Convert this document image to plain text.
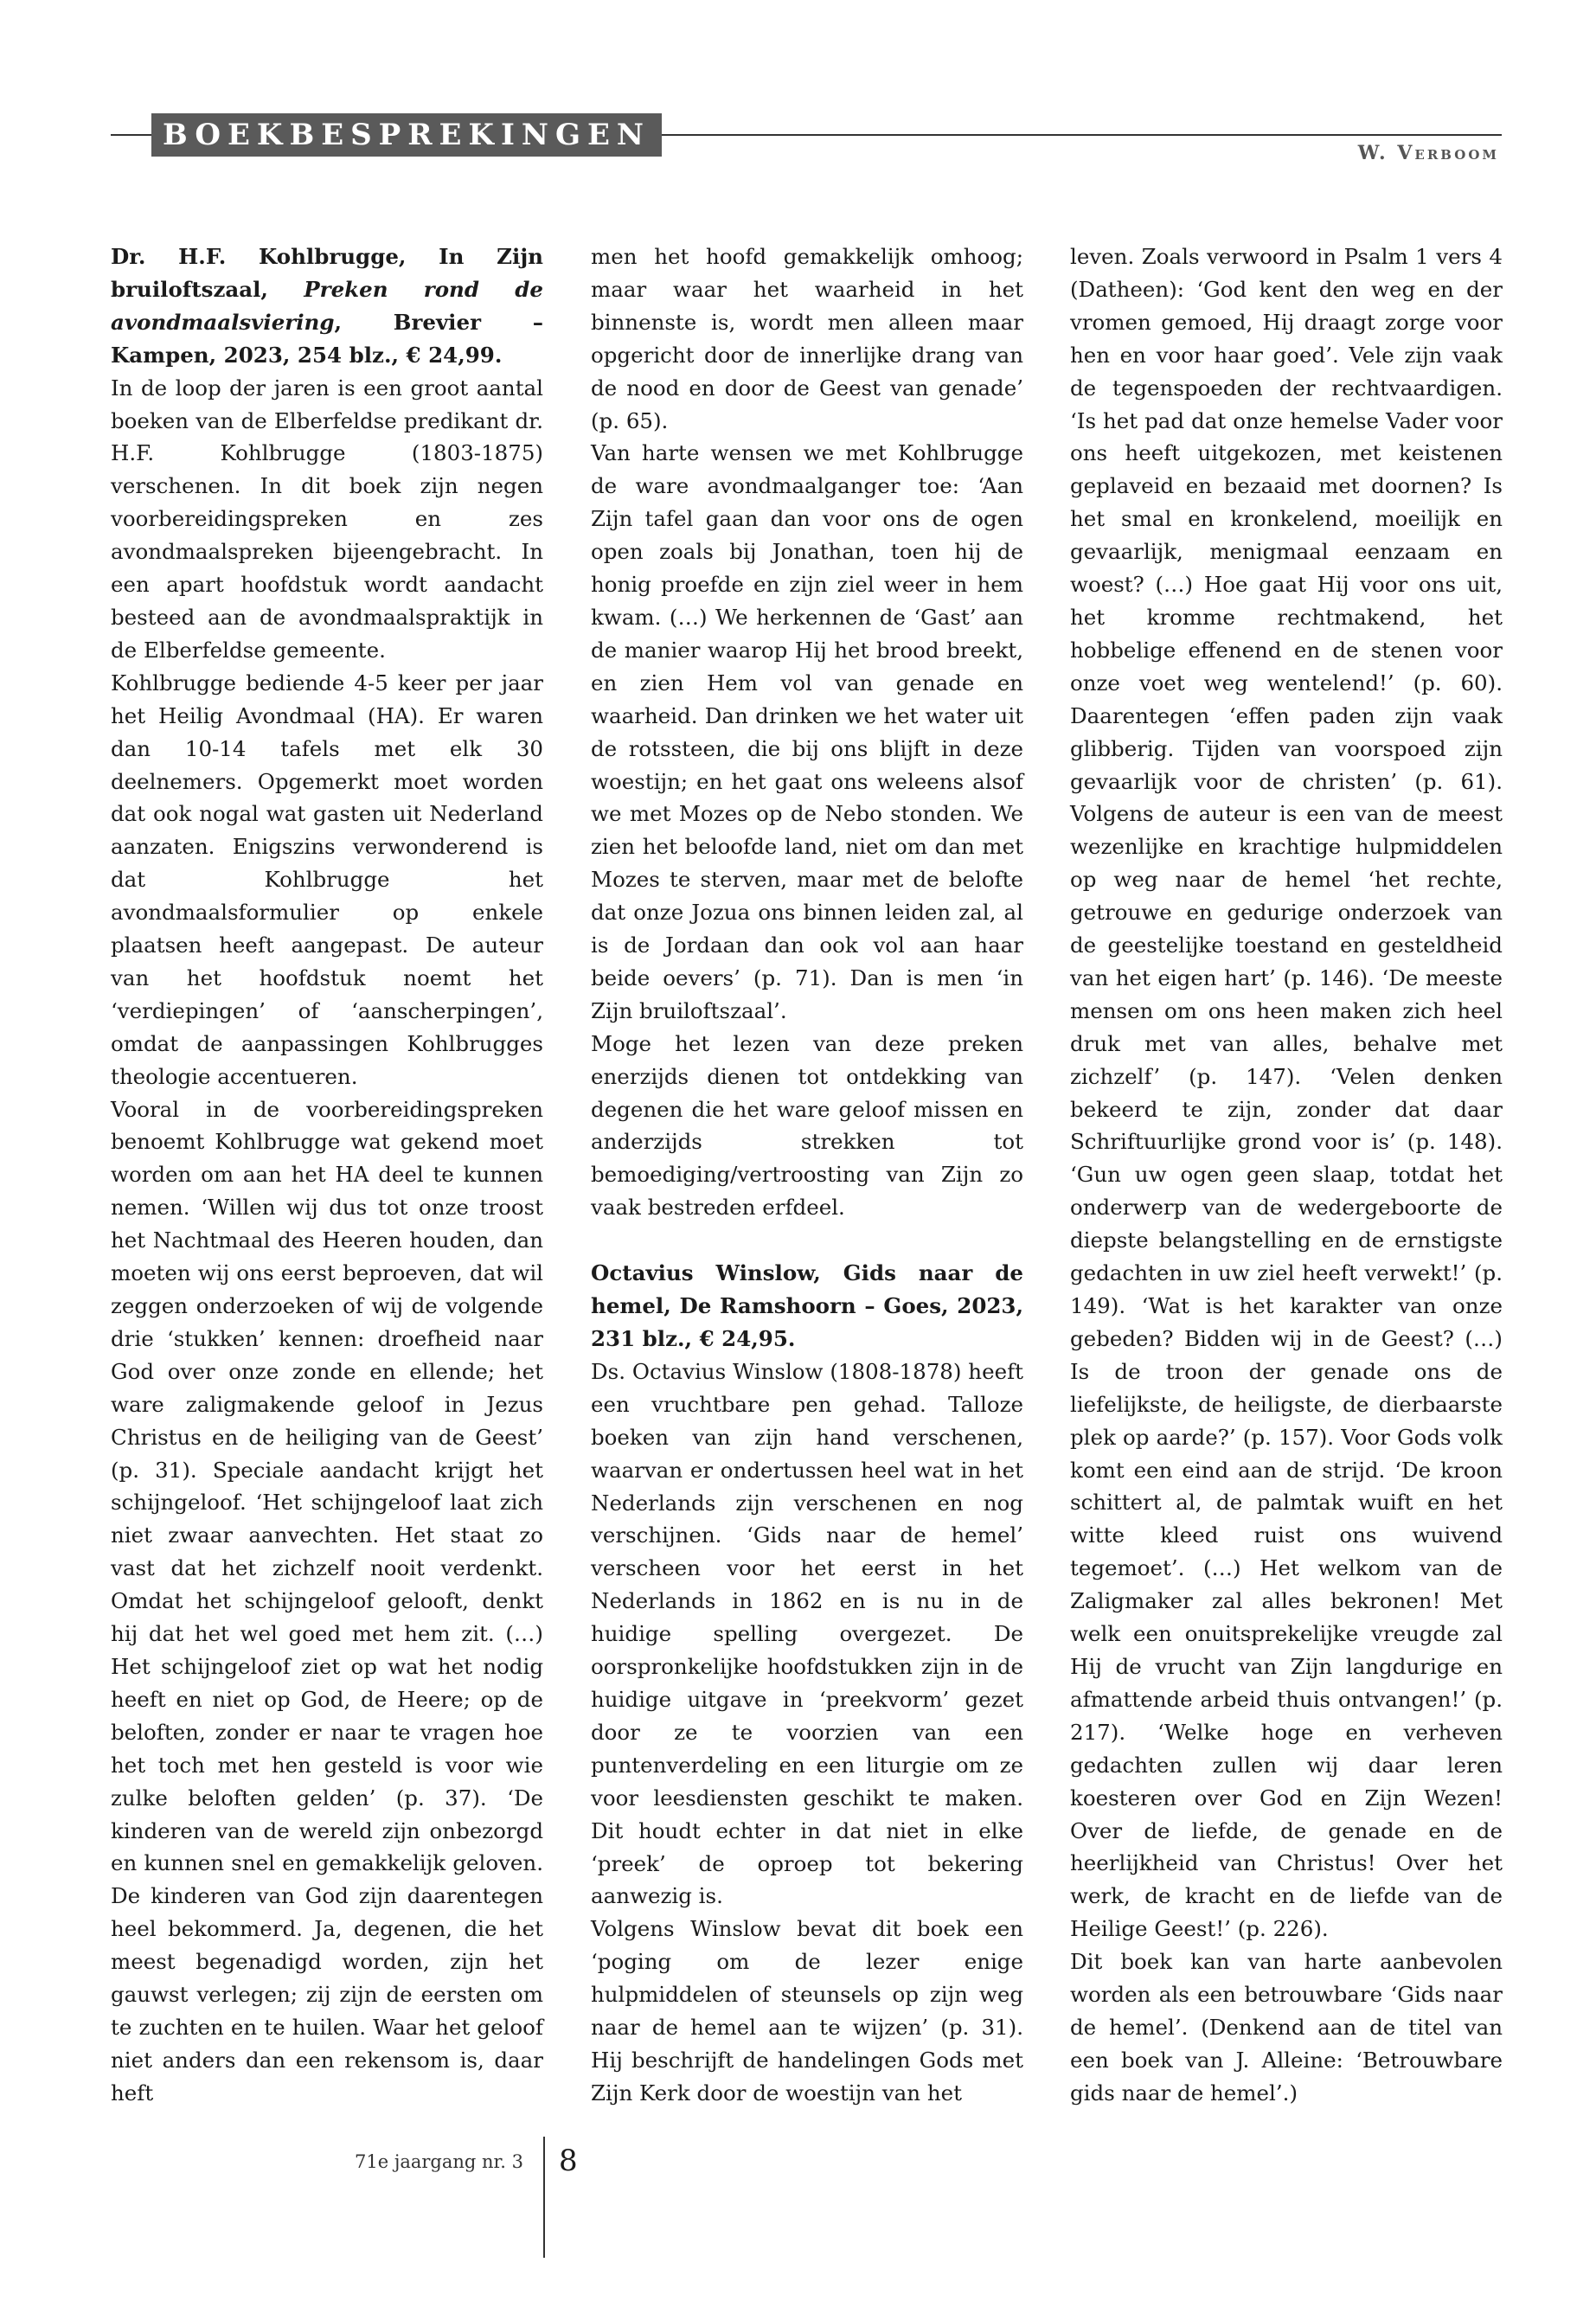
BOEKBESPREKINGEN
W. Verboom

Dr. H.F. Kohlbrugge, In Zijn bruiloftszaal, Preken rond de avondmaalsviering, Brevier – Kampen, 2023, 254 blz., € 24,99.

In de loop der jaren is een groot aantal boeken van de Elberfeldse predikant dr. H.F. Kohlbrugge (1803-1875) verschenen. In dit boek zijn negen voorbereidingspreken en zes avondmaalspreken bijeengebracht. In een apart hoofdstuk wordt aandacht besteed aan de avondmaalspraktijk in de Elberfeldse gemeente.

Kohlbrugge bediende 4-5 keer per jaar het Heilig Avondmaal (HA). Er waren dan 10-14 tafels met elk 30 deelnemers. Opgemerkt moet worden dat ook nogal wat gasten uit Nederland aanzaten. Enigszins verwonderend is dat Kohlbrugge het avondmaalsformulier op enkele plaatsen heeft aangepast. De auteur van het hoofdstuk noemt het ‘verdiepingen’ of ‘aanscherpingen’, omdat de aanpassingen Kohlbrugges theologie accentueren.

Vooral in de voorbereidingspreken benoemt Kohlbrugge wat gekend moet worden om aan het HA deel te kunnen nemen. ‘Willen wij dus tot onze troost het Nachtmaal des Heeren houden, dan moeten wij ons eerst beproeven, dat wil zeggen onderzoeken of wij de volgende drie ‘stukken’ kennen: droefheid naar God over onze zonde en ellende; het ware zaligmakende geloof in Jezus Christus en de heiliging van de Geest’ (p. 31). Speciale aandacht krijgt het schijngeloof. ‘Het schijngeloof laat zich niet zwaar aanvechten. Het staat zo vast dat het zichzelf nooit verdenkt. Omdat het schijngeloof gelooft, denkt hij dat het wel goed met hem zit. (…) Het schijngeloof ziet op wat het nodig heeft en niet op God, de Heere; op de beloften, zonder er naar te vragen hoe het toch met hen gesteld is voor wie zulke beloften gelden’ (p. 37). ‘De kinderen van de wereld zijn onbezorgd en kunnen snel en gemakkelijk geloven. De kinderen van God zijn daarentegen heel bekommerd. Ja, degenen, die het meest begenadigd worden, zijn het gauwst verlegen; zij zijn de eersten om te zuchten en te huilen. Waar het geloof niet anders dan een rekensom is, daar heft

men het hoofd gemakkelijk omhoog; maar waar het waarheid in het binnenste is, wordt men alleen maar opgericht door de innerlijke drang van de nood en door de Geest van genade’ (p. 65).

Van harte wensen we met Kohlbrugge de ware avondmaalganger toe: ‘Aan Zijn tafel gaan dan voor ons de ogen open zoals bij Jonathan, toen hij de honig proefde en zijn ziel weer in hem kwam. (…) We herkennen de ‘Gast’ aan de manier waarop Hij het brood breekt, en zien Hem vol van genade en waarheid. Dan drinken we het water uit de rotssteen, die bij ons blijft in deze woestijn; en het gaat ons weleens alsof we met Mozes op de Nebo stonden. We zien het beloofde land, niet om dan met Mozes te sterven, maar met de belofte dat onze Jozua ons binnen leiden zal, al is de Jordaan dan ook vol aan haar beide oevers’ (p. 71). Dan is men ‘in Zijn bruiloftszaal’.

Moge het lezen van deze preken enerzijds dienen tot ontdekking van degenen die het ware geloof missen en anderzijds strekken tot bemoediging/vertroosting van Zijn zo vaak bestreden erfdeel.

Octavius Winslow, Gids naar de hemel, De Ramshoorn – Goes, 2023, 231 blz., € 24,95.

Ds. Octavius Winslow (1808-1878) heeft een vruchtbare pen gehad. Talloze boeken van zijn hand verschenen, waarvan er ondertussen heel wat in het Nederlands zijn verschenen en nog verschijnen. ‘Gids naar de hemel’ verscheen voor het eerst in het Nederlands in 1862 en is nu in de huidige spelling overgezet. De oorspronkelijke hoofdstukken zijn in de huidige uitgave in ‘preekvorm’ gezet door ze te voorzien van een puntenverdeling en een liturgie om ze voor leesdiensten geschikt te maken. Dit houdt echter in dat niet in elke ‘preek’ de oproep tot bekering aanwezig is.

Volgens Winslow bevat dit boek een ‘poging om de lezer enige hulpmiddelen of steunsels op zijn weg naar de hemel aan te wijzen’ (p. 31). Hij beschrijft de handelingen Gods met Zijn Kerk door de woestijn van het

leven. Zoals verwoord in Psalm 1 vers 4 (Datheen): ‘God kent den weg en der vromen gemoed, Hij draagt zorge voor hen en voor haar goed’. Vele zijn vaak de tegenspoeden der rechtvaardigen. ‘Is het pad dat onze hemelse Vader voor ons heeft uitgekozen, met keistenen geplaveid en bezaaid met doornen? Is het smal en kronkelend, moeilijk en gevaarlijk, menigmaal eenzaam en woest? (…) Hoe gaat Hij voor ons uit, het kromme rechtmakend, het hobbelige effenend en de stenen voor onze voet weg wentelend!’ (p. 60). Daarentegen ‘effen paden zijn vaak glibberig. Tijden van voorspoed zijn gevaarlijk voor de christen’ (p. 61). Volgens de auteur is een van de meest wezenlijke en krachtige hulpmiddelen op weg naar de hemel ‘het rechte, getrouwe en gedurige onderzoek van de geestelijke toestand en gesteldheid van het eigen hart’ (p. 146). ‘De meeste mensen om ons heen maken zich heel druk met van alles, behalve met zichzelf’ (p. 147). ‘Velen denken bekeerd te zijn, zonder dat daar Schriftuurlijke grond voor is’ (p. 148). ‘Gun uw ogen geen slaap, totdat het onderwerp van de wedergeboorte de diepste belangstelling en de ernstigste gedachten in uw ziel heeft verwekt!’ (p. 149). ‘Wat is het karakter van onze gebeden? Bidden wij in de Geest? (…) Is de troon der genade ons de liefelijkste, de heiligste, de dierbaarste plek op aarde?’ (p. 157). Voor Gods volk komt een eind aan de strijd. ‘De kroon schittert al, de palmtak wuift en het witte kleed ruist ons wuivend tegemoet’. (…) Het welkom van de Zaligmaker zal alles bekronen! Met welk een onuitsprekelijke vreugde zal Hij de vrucht van Zijn langdurige en afmattende arbeid thuis ontvangen!’ (p. 217). ‘Welke hoge en verheven gedachten zullen wij daar leren koesteren over God en Zijn Wezen! Over de liefde, de genade en de heerlijkheid van Christus! Over het werk, de kracht en de liefde van de Heilige Geest!’ (p. 226).

Dit boek kan van harte aanbevolen worden als een betrouwbare ‘Gids naar de hemel’. (Denkend aan de titel van een boek van J. Alleine: ‘Betrouwbare gids naar de hemel’.)

71e jaargang nr. 3 8
